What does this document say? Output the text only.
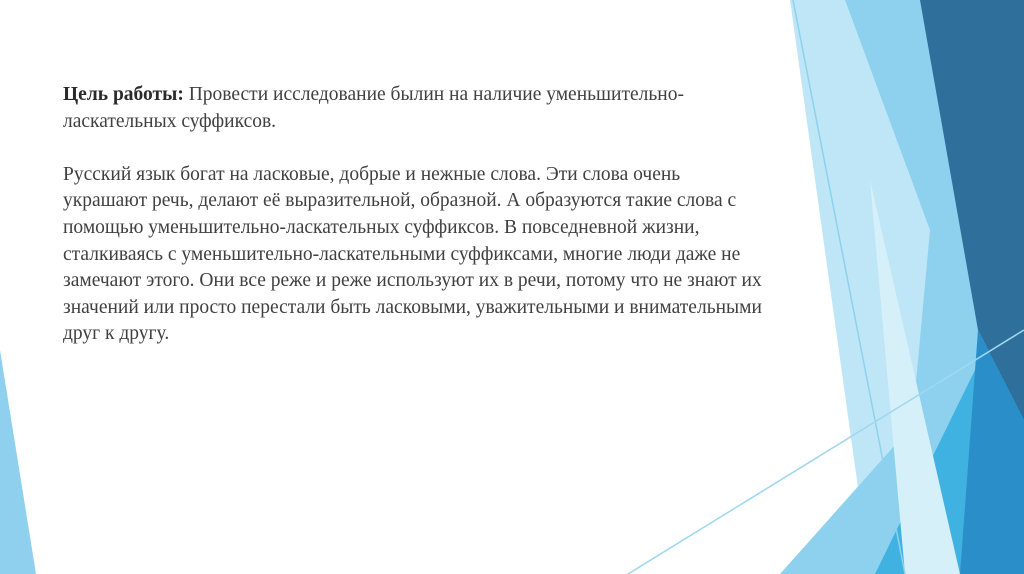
Цель работы: Провести исследование былин на наличие уменьшительно-ласкательных суффиксов.

Русский язык богат на ласковые, добрые и нежные слова. Эти слова очень украшают речь, делают её выразительной, образной. А образуются такие слова с помощью уменьшительно-ласкательных суффиксов. В повседневной жизни, сталкиваясь с уменьшительно-ласкательными суффиксами, многие люди даже не замечают этого. Они все реже и реже используют их в речи, потому что не знают их значений или просто перестали быть ласковыми, уважительными и внимательными друг к другу.
